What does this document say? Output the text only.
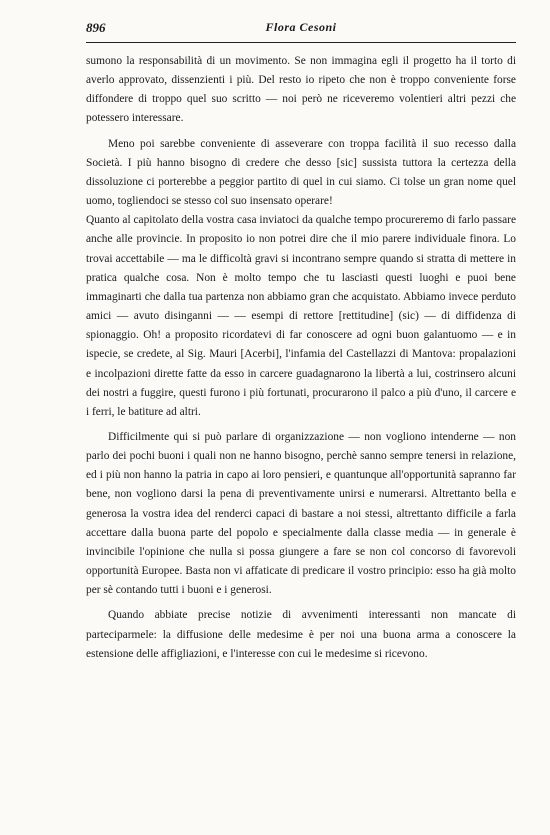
896	Flora Cesoni

sumono la responsabilità di un movimento. Se non immagina egli il progetto ha il torto di averlo approvato, dissenzienti i più. Del resto io ripeto che non è troppo conveniente forse diffondere di troppo quel suo scritto — noi però ne riceveremo volentieri altri pezzi che potessero interessare.

Meno poi sarebbe conveniente di asseverare con troppa facilità il suo recesso dalla Società. I più hanno bisogno di credere che desso [sic] sussista tuttora la certezza della dissoluzione ci porterebbe a peggior partito di quel in cui siamo. Ci tolse un gran nome quel uomo, togliendoci se stesso col suo insensato operare!

Quanto al capitolato della vostra casa inviatoci da qualche tempo procureremo di farlo passare anche alle provincie. In proposito io non potrei dire che il mio parere individuale finora. Lo trovai accettabile — ma le difficoltà gravi si incontrano sempre quando si stratta di mettere in pratica qualche cosa. Non è molto tempo che tu lasciasti questi luoghi e puoi bene immaginarti che dalla tua partenza non abbiamo gran che acquistato. Abbiamo invece perduto amici — avuto disinganni — — esempi di rettore [rettitudine] (sic) — di diffidenza di spionaggio. Oh! a proposito ricordatevi di far conoscere ad ogni buon galantuomo — e in ispecie, se credete, al Sig. Mauri [Acerbi], l'infamia del Castellazzi di Mantova: propalazioni e incolpazioni dirette fatte da esso in carcere guadagnarono la libertà a lui, costrinsero alcuni dei nostri a fuggire, questi furono i più fortunati, procurarono il palco a più d'uno, il carcere e i ferri, le batiture ad altri.

Difficilmente qui si può parlare di organizzazione — non vogliono intenderne — non parlo dei pochi buoni i quali non ne hanno bisogno, perchè sanno sempre tenersi in relazione, ed i più non hanno la patria in capo ai loro pensieri, e quantunque all'opportunità sapranno far bene, non vogliono darsi la pena di preventivamente unirsi e numerarsi. Altrettanto bella e generosa la vostra idea del renderci capaci di bastare a noi stessi, altrettanto difficile a farla accettare dalla buona parte del popolo e specialmente dalla classe media — in generale è invincibile l'opinione che nulla si possa giungere a fare se non col concorso di favorevoli opportunità Europee. Basta non vi affaticate di predicare il vostro principio: esso ha già molto per sè contando tutti i buoni e i generosi.

Quando abbiate precise notizie di avvenimenti interessanti non mancate di parteciparmele: la diffusione delle medesime è per noi una buona arma a conoscere la estensione delle affigliazioni, e l'interesse con cui le medesime si ricevono.
